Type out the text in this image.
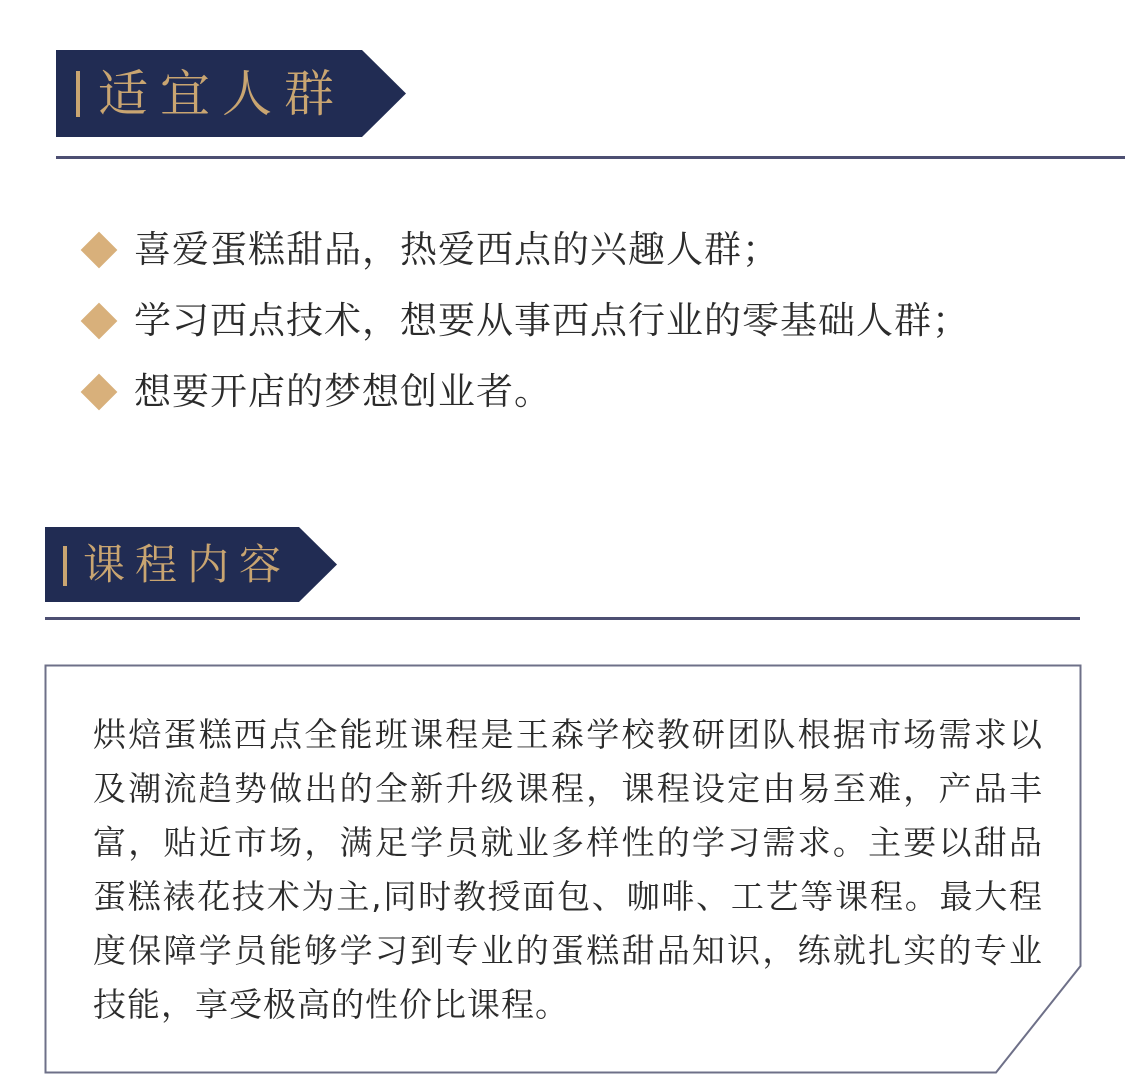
适宜人群
喜爱蛋糕甜品，热爱西点的兴趣人群；
学习西点技术，想要从事西点行业的零基础人群；
想要开店的梦想创业者。
课程内容

烘焙蛋糕西点全能班课程是王森学校教研团队根据市场需求以及潮流趋势做出的全新升级课程，课程设定由易至难，产品丰富，贴近市场，满足学员就业多样性的学习需求。主要以甜品蛋糕裱花技术为主,同时教授面包、咖啡、工艺等课程。最大程度保障学员能够学习到专业的蛋糕甜品知识，练就扎实的专业技能，享受极高的性价比课程。
